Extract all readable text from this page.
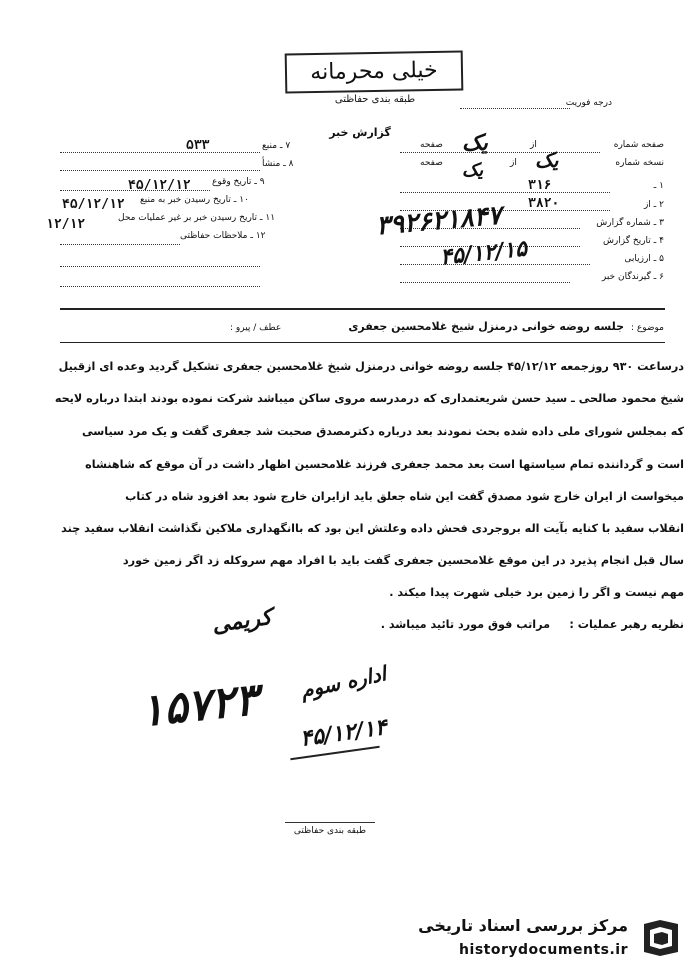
خیلی محرمانه
طبقه بندی حفاظتی	درجه فوریت
گزارش خبر
صفحه شماره
یک	از
صفحه
نسخه شماره
یک
از
یک
صفحه
۱ ـ
۳۱۶
۲ ـ از
۳۸۲۰
۳ ـ شماره گزارش
۴ ـ تاریخ گزارش
۵ ـ ارزیابی
۶ ـ گیرندگان خبر
۳۹۲۶۲۱۸۴۷
۴۵/۱۲/۱۵
۷ ـ منبع
۵۳۳
۸ ـ منشأ
۹ ـ تاریخ وقوع
۴۵/۱۲/۱۲
۱۰ ـ تاریخ رسیدن خبر به منبع
۴۵/۱۲/۱۲
۱۱ ـ تاریخ رسیدن خبر بر غیر عملیات محل
۱۲/۱۲
۱۲ ـ ملاحظات حفاظتی
موضوع :
جلسه روضه خوانی درمنزل شیخ غلامحسین جعفری
عطف / پیرو :
درساعت ۹۳۰ روزجمعه ۴۵/۱۲/۱۲ جلسه روضه خوانی درمنزل شیخ غلامحسین جعفری تشکیل گردید وعده ای ازقبیل
شیخ محمود صالحی ـ سید حسن شریعتمداری که درمدرسه مروی ساکن میباشد شرکت نموده بودند ابتدا درباره لایحه
که بمجلس شورای ملی داده شده بحث نمودند بعد درباره دکترمصدق صحبت شد جعفری گفت و یک مرد سیاسی
است و گرداننده تمام سیاستها است بعد محمد جعفری فرزند غلامحسین اظهار داشت در آن موقع که شاهنشاه
میخواست از ایران خارج شود مصدق گفت این شاه جعلق باید ازایران خارج شود بعد افزود شاه در کتاب
انقلاب سفید با کنایه بآیت اله بروجردی فحش داده وعلتش این بود که باانگهداری ملاکین نگذاشت انقلاب سفید چند
سال قبل انجام پذیرد در این موقع غلامحسین جعفری گفت باید با افراد مهم سروکله زد اگر زمین خورد
مهم نیست و اگر را زمین برد خیلی شهرت پیدا میکند .
نظریه رهبر عملیات :
مراتب فوق مورد تائید میباشد .
کریمی
۱۵۷۲۳ اداره سوم
۴۵/۱۲/۱۴
طبقه بندی حفاظتی
مرکز بررسی اسناد تاریخی
historydocuments.ir
